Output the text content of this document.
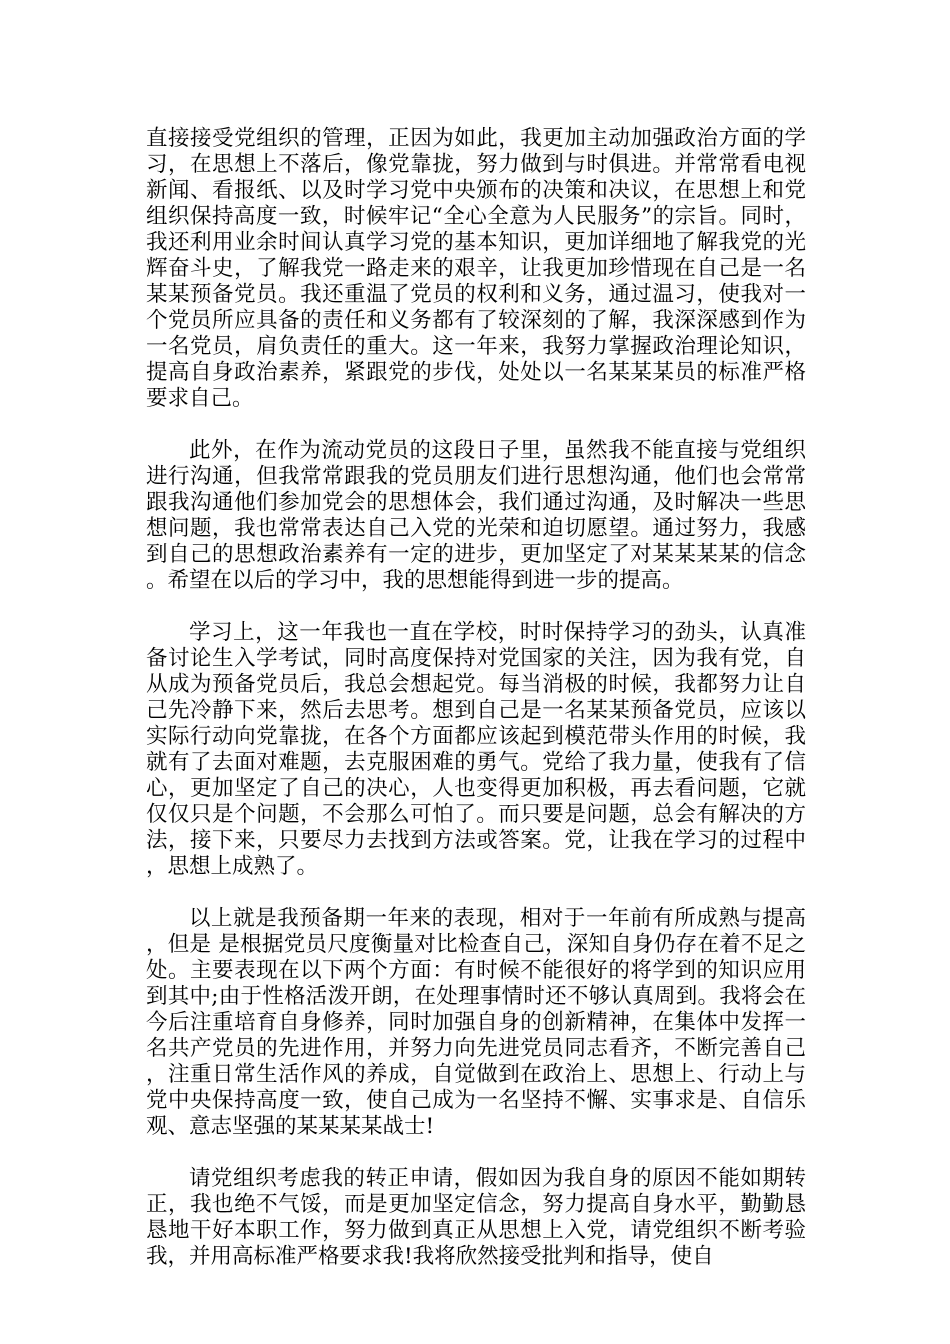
直接接受党组织的管理，正因为如此，我更加主动加强政治方面的学习，在思想上不落后，像党靠拢，努力做到与时俱进。并常常看电视新闻、看报纸、以及时学习党中央颁布的决策和决议，在思想上和党组织保持高度一致，时候牢记“全心全意为人民服务”的宗旨。同时，我还利用业余时间认真学习党的基本知识，更加详细地了解我党的光辉奋斗史，了解我党一路走来的艰辛，让我更加珍惜现在自己是一名某某预备党员。我还重温了党员的权利和义务，通过温习，使我对一个党员所应具备的责任和义务都有了较深刻的了解，我深深感到作为一名党员，肩负责任的重大。这一年来，我努力掌握政治理论知识，提高自身政治素养，紧跟党的步伐，处处以一名某某某员的标准严格要求自己。

此外，在作为流动党员的这段日子里，虽然我不能直接与党组织进行沟通，但我常常跟我的党员朋友们进行思想沟通，他们也会常常跟我沟通他们参加党会的思想体会，我们通过沟通，及时解决一些思想问题，我也常常表达自己入党的光荣和迫切愿望。通过努力，我感到自己的思想政治素养有一定的进步，更加坚定了对某某某某的信念。希望在以后的学习中，我的思想能得到进一步的提高。

学习上，这一年我也一直在学校，时时保持学习的劲头，认真准备讨论生入学考试，同时高度保持对党国家的关注，因为我有党，自从成为预备党员后，我总会想起党。每当消极的时候，我都努力让自己先冷静下来，然后去思考。想到自己是一名某某预备党员，应该以实际行动向党靠拢，在各个方面都应该起到模范带头作用的时候，我就有了去面对难题，去克服困难的勇气。党给了我力量，使我有了信心，更加坚定了自己的决心，人也变得更加积极，再去看问题，它就仅仅只是个问题，不会那么可怕了。而只要是问题，总会有解决的方法，接下来，只要尽力去找到方法或答案。党，让我在学习的过程中，思想上成熟了。

以上就是我预备期一年来的表现，相对于一年前有所成熟与提高，但是 是根据党员尺度衡量对比检查自己，深知自身仍存在着不足之处。主要表现在以下两个方面：有时候不能很好的将学到的知识应用到其中;由于性格活泼开朗，在处理事情时还不够认真周到。我将会在今后注重培育自身修养，同时加强自身的创新精神，在集体中发挥一名共产党员的先进作用，并努力向先进党员同志看齐，不断完善自己，注重日常生活作风的养成，自觉做到在政治上、思想上、行动上与党中央保持高度一致，使自己成为一名坚持不懈、实事求是、自信乐观、意志坚强的某某某某战士!

请党组织考虑我的转正申请，假如因为我自身的原因不能如期转正，我也绝不气馁，而是更加坚定信念，努力提高自身水平，勤勤恳恳地干好本职工作，努力做到真正从思想上入党，请党组织不断考验我，并用高标准严格要求我!我将欣然接受批判和指导，使自
